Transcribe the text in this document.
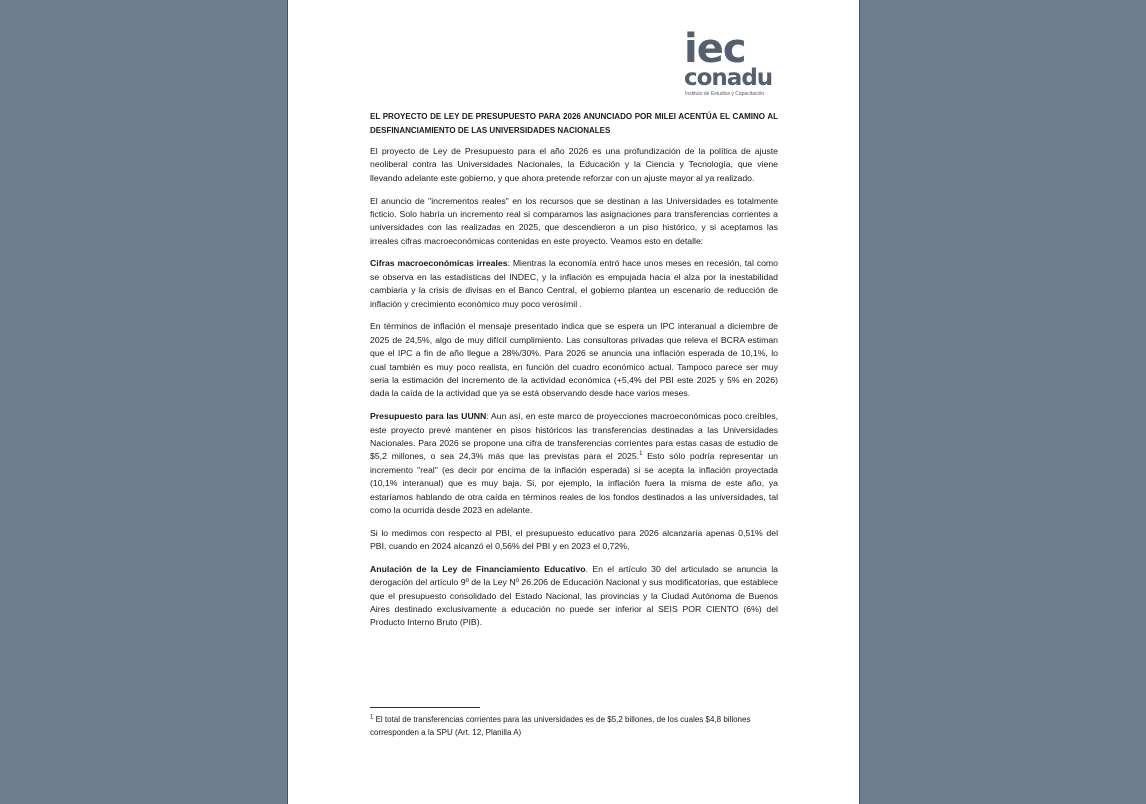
iec
conadu
Instituto de Estudios y Capacitación
EL PROYECTO DE LEY DE PRESUPUESTO PARA 2026 ANUNCIADO POR MILEI ACENTÚA EL CAMINO AL DESFINANCIAMIENTO DE LAS UNIVERSIDADES NACIONALES

El proyecto de Ley de Presupuesto para el año 2026 es una profundización de la política de ajuste neoliberal contra las Universidades Nacionales, la Educación y la Ciencia y Tecnología, que viene llevando adelante este gobierno, y que ahora pretende reforzar con un ajuste mayor al ya realizado.

El anuncio de "incrementos reales" en los recursos que se destinan a las Universidades es totalmente ficticio. Solo habría un incremento real si comparamos las asignaciones para transferencias corrientes a universidades con las realizadas en 2025, que descendieron a un piso histórico, y si aceptamos las irreales cifras macroeconómicas contenidas en este proyecto. Veamos esto en detalle:

Cifras macroeconómicas irreales: Mientras la economía entró hace unos meses en recesión, tal como se observa en las estadísticas del INDEC, y la inflación es empujada hacia el alza por la inestabilidad cambiaria y la crisis de divisas en el Banco Central, el gobierno plantea un escenario de reducción de inflación y crecimiento económico muy poco verosímil .

En términos de inflación el mensaje presentado indica que se espera un IPC interanual a diciembre de 2025 de 24,5%, algo de muy difícil cumplimiento. Las consultoras privadas que releva el BCRA estiman que el IPC a fin de año llegue a 28%/30%. Para 2026 se anuncia una inflación esperada de 10,1%, lo cual también es muy poco realista, en función del cuadro económico actual. Tampoco parece ser muy seria la estimación del incremento de la actividad económica (+5,4% del PBI este 2025 y 5% en 2026) dada la caída de la actividad que ya se está observando desde hace varios meses.

Presupuesto para las UUNN: Aun así, en este marco de proyecciones macroeconómicas poco creíbles, este proyecto prevé mantener en pisos históricos las transferencias destinadas a las Universidades Nacionales. Para 2026 se propone una cifra de transferencias corrientes para estas casas de estudio de $5,2 millones, o sea 24,3% más que las previstas para el 2025.$^1$ Esto sólo podría representar un incremento "real" (es decir por encima de la inflación esperada) si se acepta la inflación proyectada (10,1% interanual) que es muy baja. Si, por ejemplo, la inflación fuera la misma de este año, ya estaríamos hablando de otra caída en términos reales de los fondos destinados a las universidades, tal como la ocurrida desde 2023 en adelante.

Si lo medimos con respecto al PBI, el presupuesto educativo para 2026 alcanzaría apenas 0,51% del PBI, cuando en 2024 alcanzó el 0,56% del PBI y en 2023 el 0,72%,

Anulación de la Ley de Financiamiento Educativo. En el artículo 30 del articulado se anuncia la derogación del artículo 9º de la Ley Nº 26.206 de Educación Nacional y sus modificatorias, que establece que el presupuesto consolidado del Estado Nacional, las provincias y la Ciudad Autónoma de Buenos Aires destinado exclusivamente a educación no puede ser inferior al SEIS POR CIENTO (6%) del Producto Interno Bruto (PIB).

$^1$ El total de transferencias corrientes para las universidades es de $5,2 billones, de los cuales $4,8 billones corresponden a la SPU (Art. 12, Planilla A)
